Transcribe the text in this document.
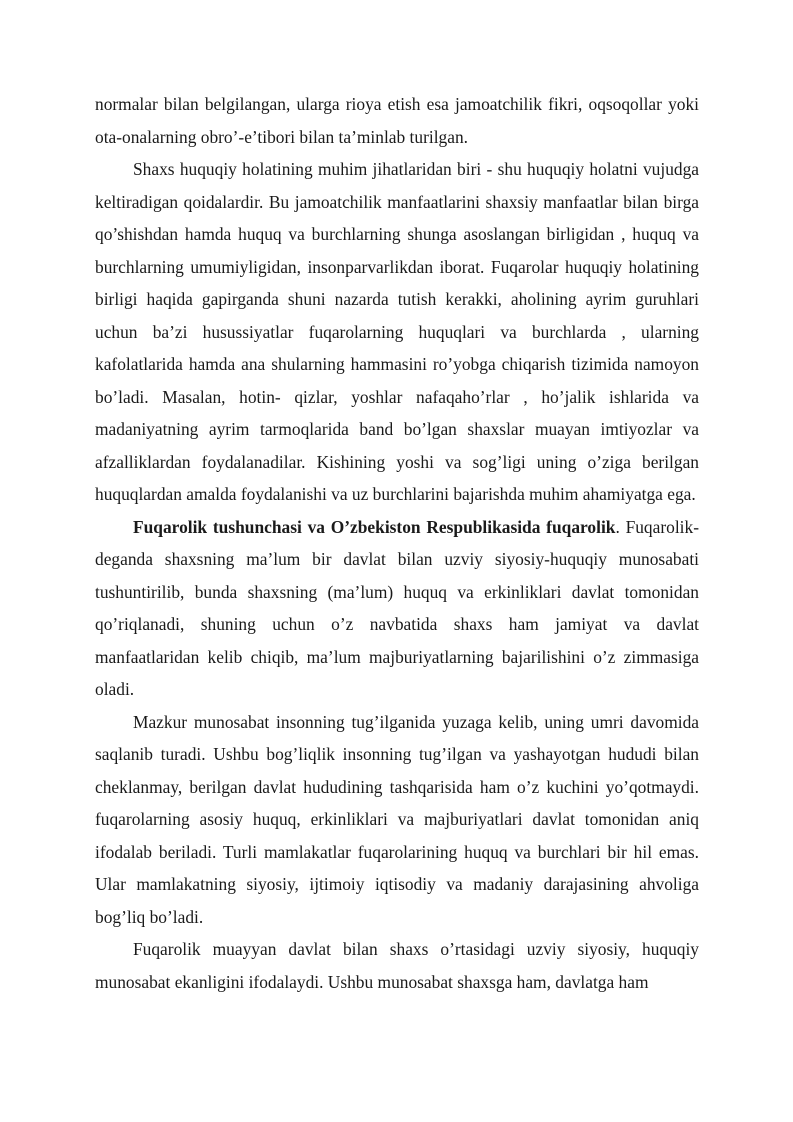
normalar bilan belgilangan, ularga rioya etish esa jamoatchilik fikri, oqsoqollar yoki ota-onalarning obro’-e’tibori bilan ta’minlab turilgan.

Shaxs huquqiy holatining muhim jihatlaridan biri - shu huquqiy holatni vujudga keltiradigan qoidalardir. Bu jamoatchilik manfaatlarini shaxsiy manfaatlar bilan birga qo’shishdan hamda huquq va burchlarning shunga asoslangan birligidan , huquq va burchlarning umumiyligidan, insonparvarlikdan iborat. Fuqarolar huquqiy holatining birligi haqida gapirganda shuni nazarda tutish kerakki, aholining ayrim guruhlari uchun ba’zi husussiyatlar fuqarolarning huquqlari va burchlarda , ularning kafolatlarida hamda ana shularning hammasini ro’yobga chiqarish tizimida namoyon bo’ladi. Masalan, hotin- qizlar, yoshlar nafaqaho’rlar , ho’jalik ishlarida va madaniyatning ayrim tarmoqlarida band bo’lgan shaxslar muayan imtiyozlar va afzalliklardan foydalanadilar. Kishining yoshi va sog’ligi uning o’ziga berilgan huquqlardan amalda foydalanishi va uz burchlarini bajarishda muhim ahamiyatga ega.

Fuqarolik tushunchasi va O’zbekiston Respublikasida fuqarolik. Fuqarolik- deganda shaxsning ma’lum bir davlat bilan uzviy siyosiy-huquqiy munosabati tushuntirilib, bunda shaxsning (ma’lum) huquq va erkinliklari davlat tomonidan qo’riqlanadi, shuning uchun o’z navbatida shaxs ham jamiyat va davlat manfaatlaridan kelib chiqib, ma’lum majburiyatlarning bajarilishini o’z zimmasiga oladi.

Mazkur munosabat insonning tug’ilganida yuzaga kelib, uning umri davomida saqlanib turadi. Ushbu bog’liqlik insonning tug’ilgan va yashayotgan hududi bilan cheklanmay, berilgan davlat hududining tashqarisida ham o’z kuchini yo’qotmaydi. fuqarolarning asosiy huquq, erkinliklari va majburiyatlari davlat tomonidan aniq ifodalab beriladi. Turli mamlakatlar fuqarolarining huquq va burchlari bir hil emas. Ular mamlakatning siyosiy, ijtimoiy iqtisodiy va madaniy darajasining ahvoliga bog’liq bo’ladi.

Fuqarolik muayyan davlat bilan shaxs o’rtasidagi uzviy siyosiy, huquqiy munosabat ekanligini ifodalaydi. Ushbu munosabat shaxsga ham, davlatga ham
